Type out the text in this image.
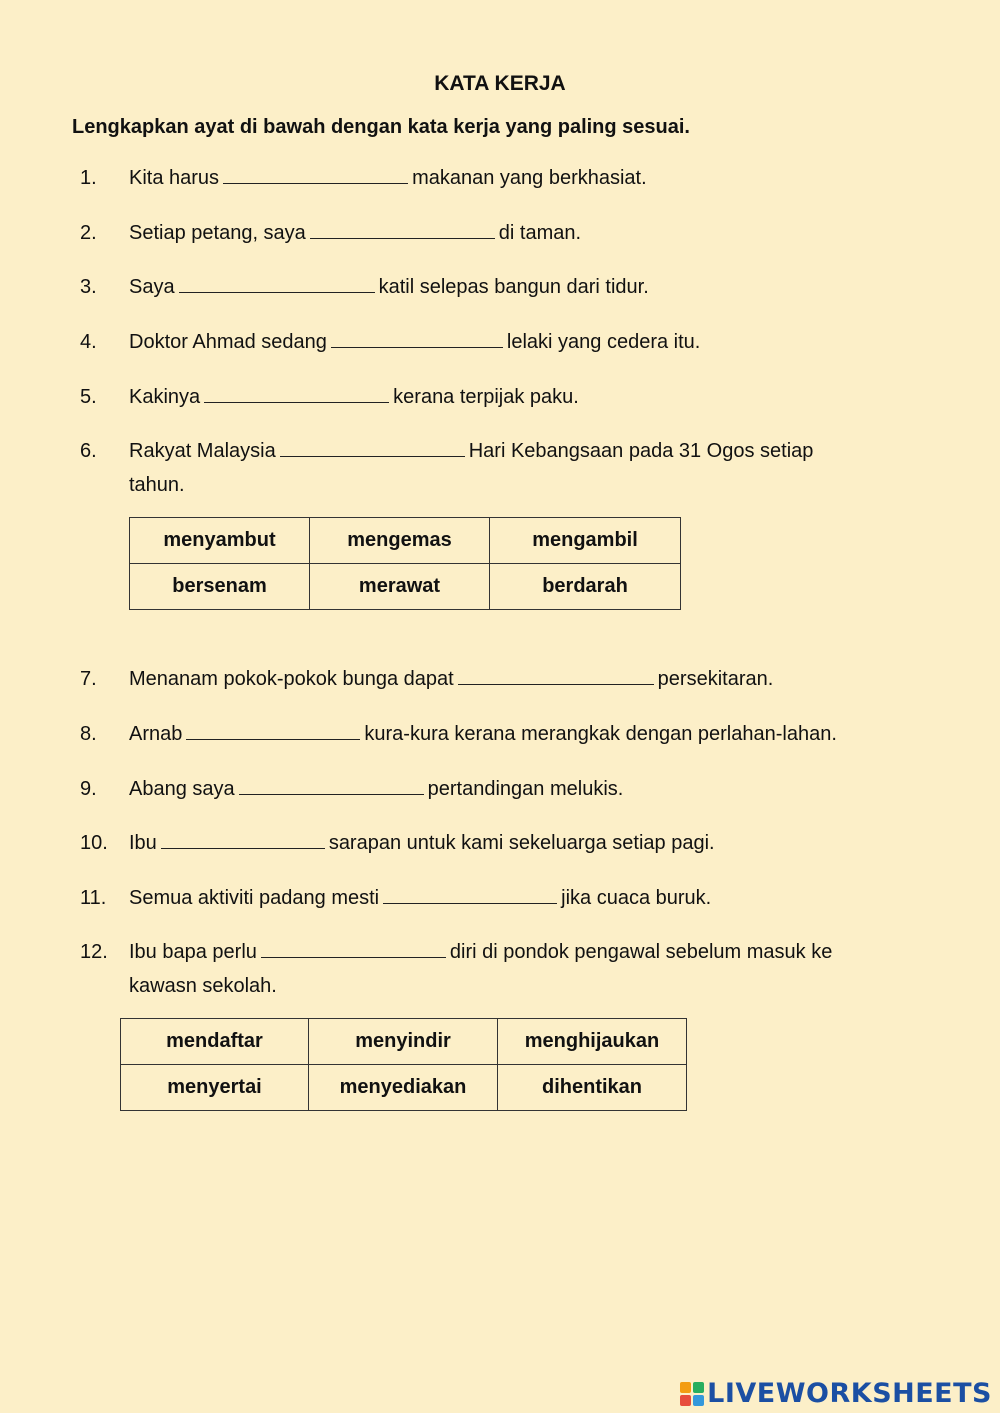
KATA KERJA
Lengkapkan ayat di bawah dengan kata kerja yang paling sesuai.
1. Kita harus	makanan yang berkhasiat.
2. Setiap petang, saya	di taman.
3. Saya	katil selepas bangun dari tidur.
4. Doktor Ahmad sedang	lelaki yang cedera itu.
5. Kakinya	kerana terpijak paku.
6. Rakyat Malaysia	Hari Kebangsaan pada 31 Ogos setiap tahun.
menyambut	mengemas	mengambil
bersenam	merawat	berdarah
7. Menanam pokok-pokok bunga dapat	persekitaran.
8. Arnab	kura-kura kerana merangkak dengan perlahan-lahan.
9. Abang saya	pertandingan melukis.
10. Ibu	sarapan untuk kami sekeluarga setiap pagi.
11. Semua aktiviti padang mesti	jika cuaca buruk.
12. Ibu bapa perlu	diri di pondok pengawal sebelum masuk ke kawasn sekolah.
mendaftar	menyindir	menghijaukan
menyertai	menyediakan	dihentikan
LIVEWORKSHEETS
